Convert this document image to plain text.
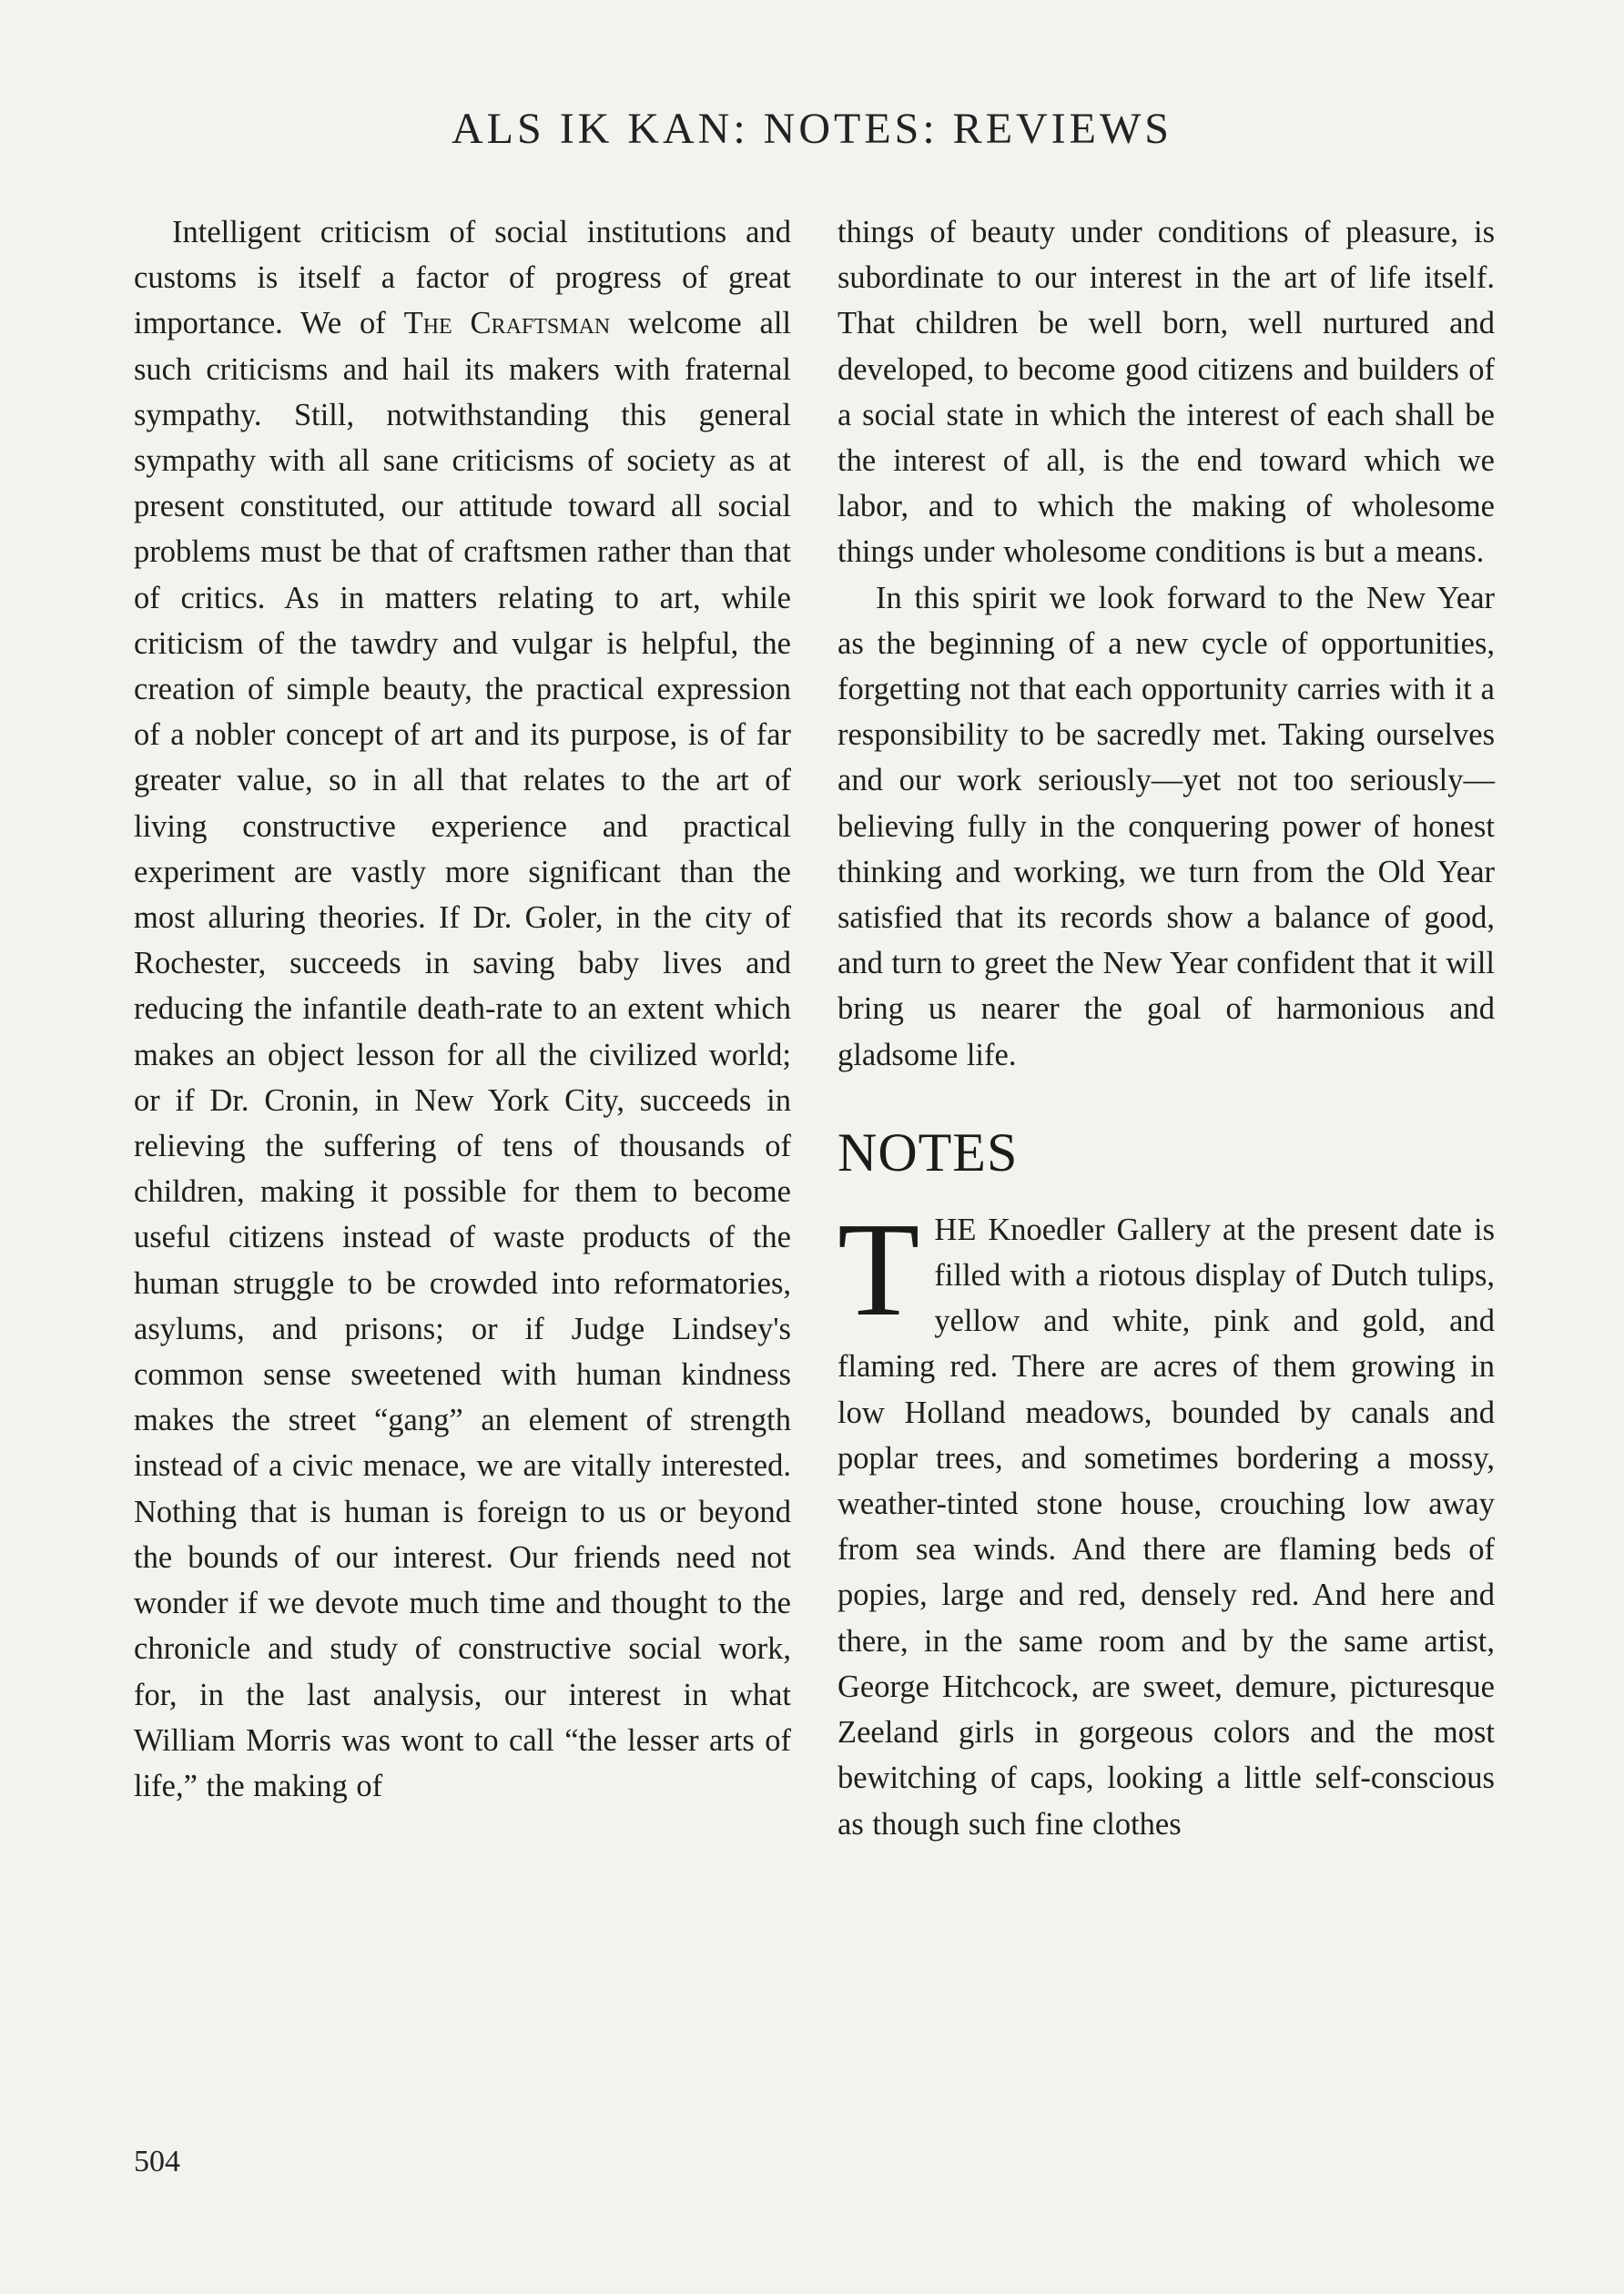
ALS IK KAN: NOTES: REVIEWS

Intelligent criticism of social institutions and customs is itself a factor of progress of great importance. We of The Craftsman welcome all such criticisms and hail its makers with fraternal sympathy. Still, notwithstanding this general sympathy with all sane criticisms of society as at present constituted, our attitude toward all social problems must be that of craftsmen rather than that of critics. As in matters relating to art, while criticism of the tawdry and vulgar is helpful, the creation of simple beauty, the practical expression of a nobler concept of art and its purpose, is of far greater value, so in all that relates to the art of living constructive experience and practical experiment are vastly more significant than the most alluring theories. If Dr. Goler, in the city of Rochester, succeeds in saving baby lives and reducing the infantile death-rate to an extent which makes an object lesson for all the civilized world; or if Dr. Cronin, in New York City, succeeds in relieving the suffering of tens of thousands of children, making it possible for them to become useful citizens instead of waste products of the human struggle to be crowded into reformatories, asylums, and prisons; or if Judge Lindsey's common sense sweetened with human kindness makes the street “gang” an element of strength instead of a civic menace, we are vitally interested. Nothing that is human is foreign to us or beyond the bounds of our interest. Our friends need not wonder if we devote much time and thought to the chronicle and study of constructive social work, for, in the last analysis, our interest in what William Morris was wont to call “the lesser arts of life,” the making of

things of beauty under conditions of pleasure, is subordinate to our interest in the art of life itself. That children be well born, well nurtured and developed, to become good citizens and builders of a social state in which the interest of each shall be the interest of all, is the end toward which we labor, and to which the making of wholesome things under wholesome conditions is but a means.

In this spirit we look forward to the New Year as the beginning of a new cycle of opportunities, forgetting not that each opportunity carries with it a responsibility to be sacredly met. Taking ourselves and our work seriously—yet not too seriously—believing fully in the conquering power of honest thinking and working, we turn from the Old Year satisfied that its records show a balance of good, and turn to greet the New Year confident that it will bring us nearer the goal of harmonious and gladsome life.

NOTES

THE Knoedler Gallery at the present date is filled with a riotous display of Dutch tulips, yellow and white, pink and gold, and flaming red. There are acres of them growing in low Holland meadows, bounded by canals and poplar trees, and sometimes bordering a mossy, weather-tinted stone house, crouching low away from sea winds. And there are flaming beds of popies, large and red, densely red. And here and there, in the same room and by the same artist, George Hitchcock, are sweet, demure, picturesque Zeeland girls in gorgeous colors and the most bewitching of caps, looking a little self-conscious as though such fine clothes

504
